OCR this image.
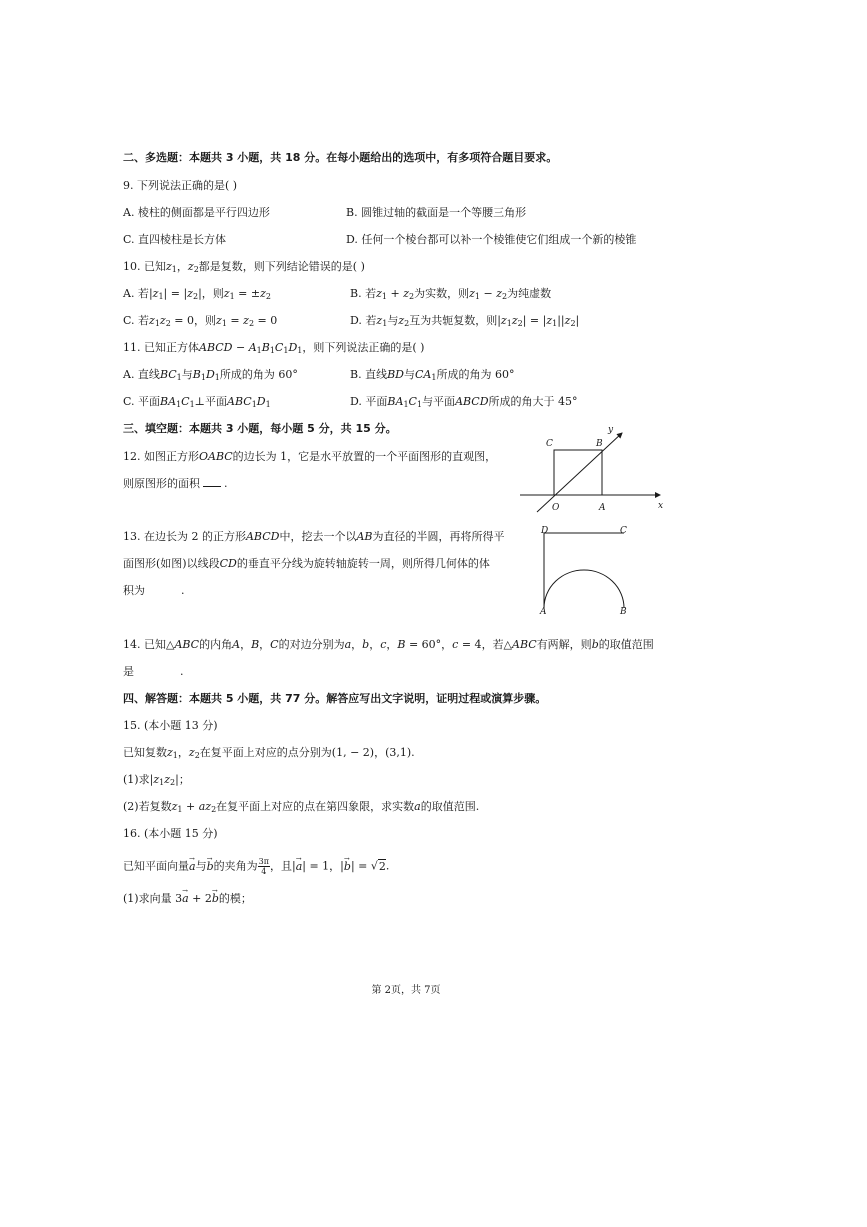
二、多选题：本题共 3 小题，共 18 分。在每小题给出的选项中，有多项符合题目要求。
9. 下列说法正确的是( )
A. 棱柱的侧面都是平行四边形	B. 圆锥过轴的截面是一个等腰三角形
C. 直四棱柱是长方体	D. 任何一个棱台都可以补一个棱锥使它们组成一个新的棱锥
10. 已知$z_1$，$z_2$都是复数，则下列结论错误的是( )
A. 若$|z_1| = |z_2|$，则$z_1 = \pm z_2$	B. 若$z_1 + z_2$为实数，则$z_1 - z_2$为纯虚数
C. 若$z_1z_2 = 0$，则$z_1 = z_2 = 0$	D. 若$z_1$与$z_2$互为共轭复数，则$|z_1z_2| = |z_1||z_2|$
11. 已知正方体ABCD − $A_1B_1C_1D_1$，则下列说法正确的是( )
A. 直线$BC_1$与$B_1D_1$所成的角为 60°	B. 直线BD与$CA_1$所成的角为 60°
C. 平面$BA_1C_1\perp$平面$ABC_1D_1$	D. 平面$BA_1C_1$与平面ABCD所成的角大于 45°
三、填空题：本题共 3 小题，每小题 5 分，共 15 分。
12. 如图正方形OABC的边长为 1，它是水平放置的一个平面图形的直观图，
则原图形的面积 .
C	B
y
O	A	x
13. 在边长为 2 的正方形ABCD中，挖去一个以AB为直径的半圆，再将所得平
面图形(如图)以线段CD的垂直平分线为旋转轴旋转一周，则所得几何体的体
积为	.
D	C
A	B
14. 已知△ABC的内角A，B，C的对边分别为a，b，c，B = 60°，c = 4，若△ABC有两解，则b的取值范围
是	.
四、解答题：本题共 5 小题，共 77 分。解答应写出文字说明，证明过程或演算步骤。
15. (本小题 13 分)
已知复数$z_1$，$z_2$在复平面上对应的点分别为(1, − 2)，(3,1).
(1)求$|z_1z_2|$；
(2)若复数$z_1 + az_2$在复平面上对应的点在第四象限，求实数a的取值范围.
16. (本小题 15 分)
已知平面向量→ a与→ b的夹角为 $\frac{3\pi}{4}$ ，且|→ a| = 1，|→ b| = √2.
(1)求向量 3→ a + 2→ b的模；
第 2页，共 7页
